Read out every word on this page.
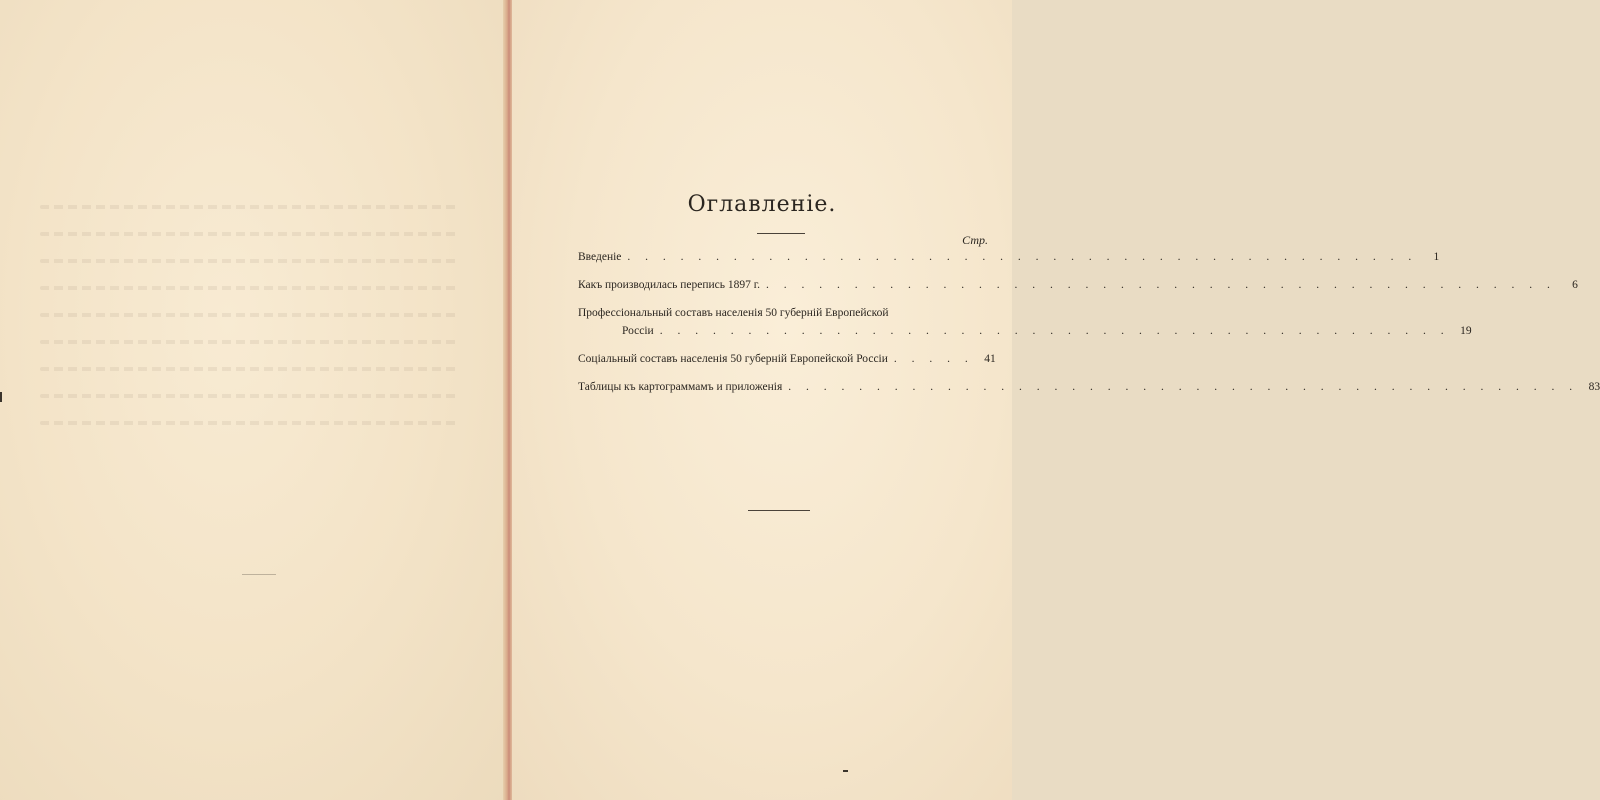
Оглавленіе.
Стр.
Введеніе . . . . . . . . . . . . . . . . . . . . . . . . . . . . . . . . . . . . . . . . . . . . .	1
Какъ производилась перепись 1897 г. . . . . . . . . . . . . . . . . . . . . . . . . . . . . . . . . . . . . . . . . . . . . .	6
Профессіональный составъ населенія 50 губерній Европейской
Россіи . . . . . . . . . . . . . . . . . . . . . . . . . . . . . . . . . . . . . . . . . . . . . 19
Соціальный составъ населенія 50 губерній Европейской Россіи . . . . . 41
Таблицы къ картограммамъ и приложенія . . . . . . . . . . . . . . . . . . . . . . . . . . . . . . . . . . . . . . . . . . . . . 83
